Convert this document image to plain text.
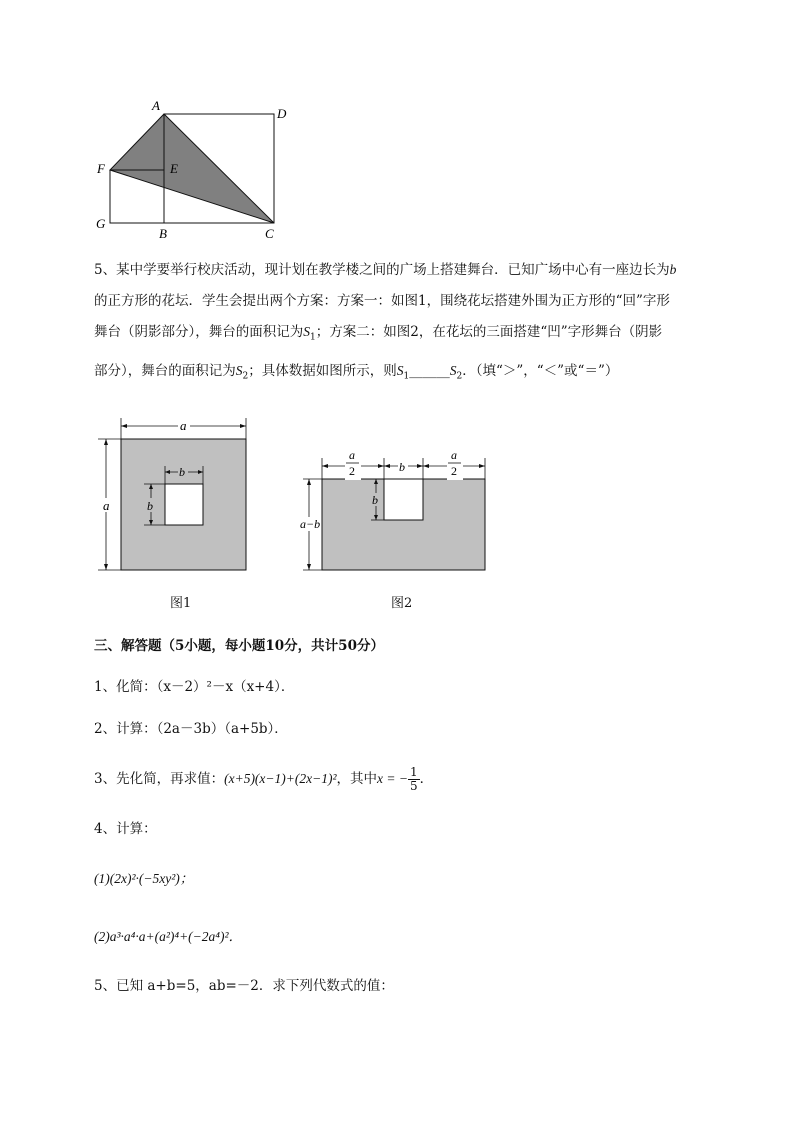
A
D
F	E
G
B	C
5、某中学要举行校庆活动，现计划在教学楼之间的广场上搭建舞台．已知广场中心有一座边长为b
的正方形的花坛．学生会提出两个方案：方案一：如图1，围绕花坛搭建外围为正方形的“回”字形
舞台（阴影部分），舞台的面积记为$S_1$；方案二：如图2，在花坛的三面搭建“凹”字形舞台（阴影
部分），舞台的面积记为$S_2$；具体数据如图所示，则$S_1\_\_\_\_\_\_S_2$．（填“＞”，“＜”或“＝”）
a
a
b
b
图1
a
2
a
2
b
b
a−b
图2
三、解答题（5小题，每小题10分，共计50分）
1、化简：（x－2）²－x（x+4）．
2、计算：（2a－3b）（a+5b）．
3、先化简，再求值：(x+5)(x−1)+(2x−1)²，其中x = − $\frac{1}{5}$ ．
4、计算：
(1)(2x)²·(−5xy²)；
(2)a³·a⁴·a+(a²)⁴+(−2a⁴)²．
5、已知 a+b=5，ab=－2．求下列代数式的值：
